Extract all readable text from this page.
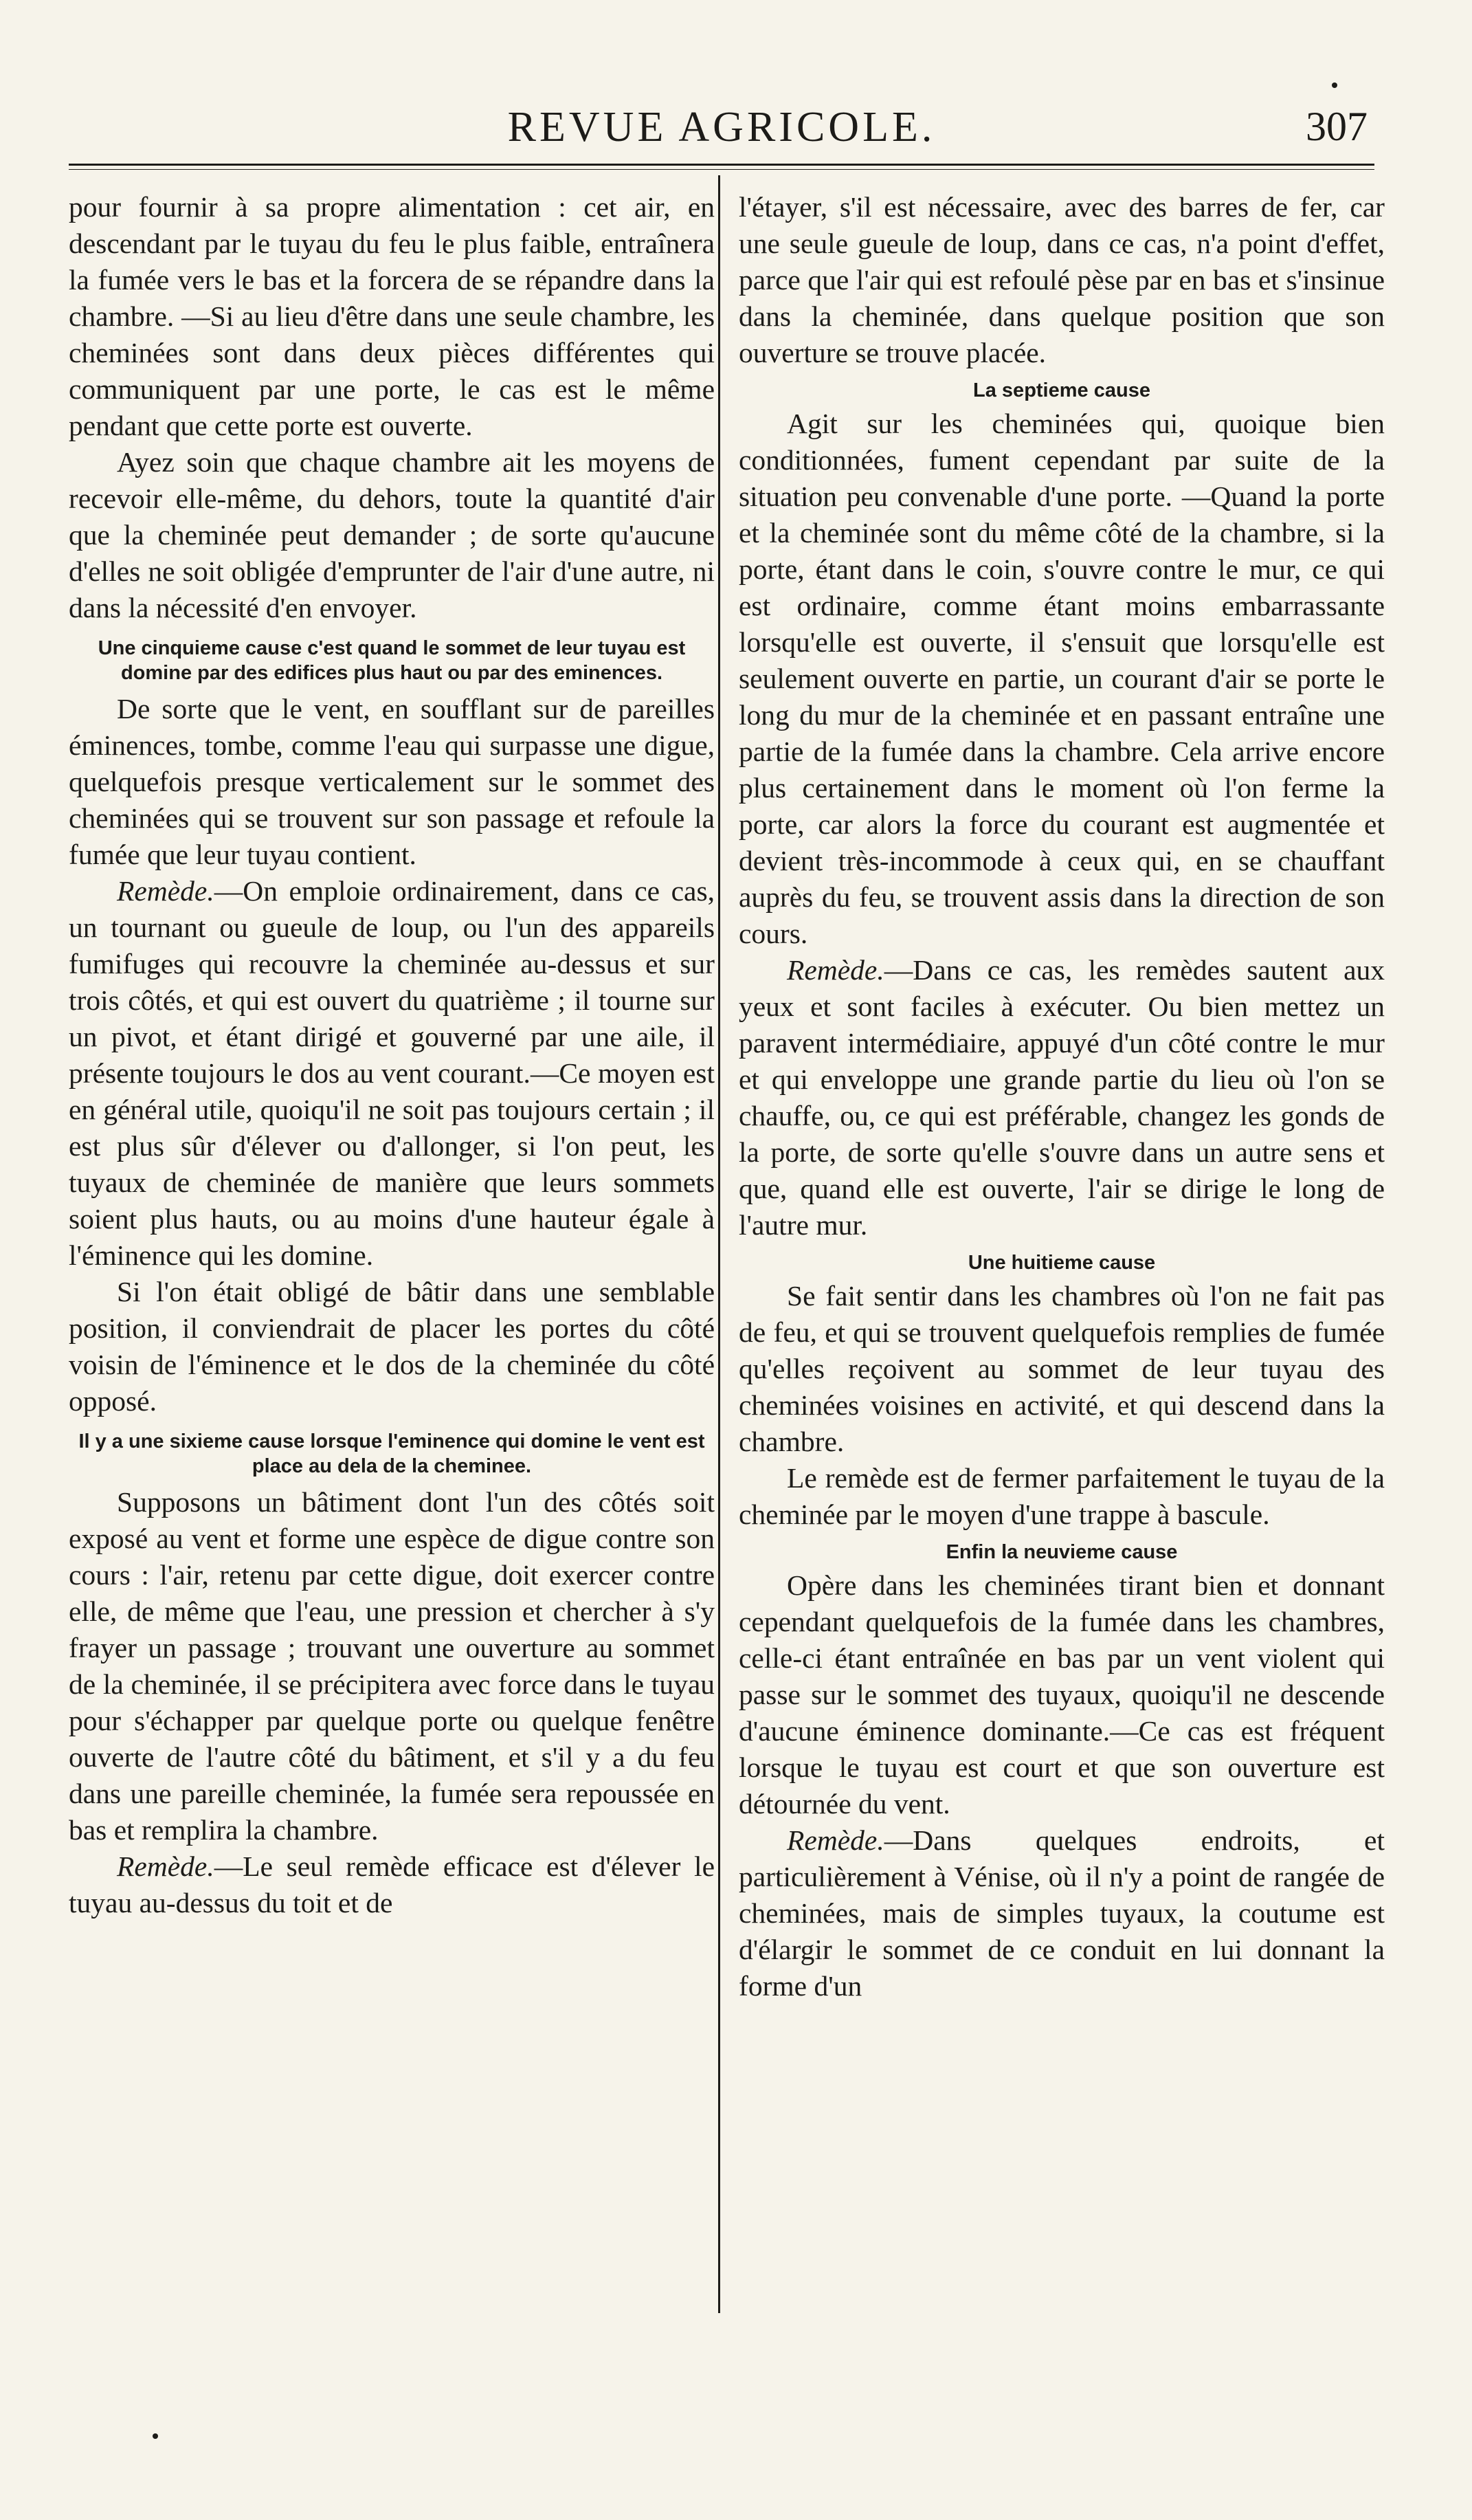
REVUE AGRICOLE.	307

pour fournir à sa propre alimentation : cet air, en descendant par le tuyau du feu le plus faible, entraînera la fumée vers le bas et la forcera de se répandre dans la chambre. —Si au lieu d'être dans une seule chambre, les cheminées sont dans deux pièces différentes qui communiquent par une porte, le cas est le même pendant que cette porte est ouverte.

Ayez soin que chaque chambre ait les moyens de recevoir elle-même, du dehors, toute la quantité d'air que la cheminée peut demander ; de sorte qu'aucune d'elles ne soit obligée d'emprunter de l'air d'une autre, ni dans la nécessité d'en envoyer.

Une cinquieme cause c'est quand le sommet de leur tuyau est domine par des edifices plus haut ou par des eminences.

De sorte que le vent, en soufflant sur de pareilles éminences, tombe, comme l'eau qui surpasse une digue, quelquefois presque verticalement sur le sommet des cheminées qui se trouvent sur son passage et refoule la fumée que leur tuyau contient.

Remède.—On emploie ordinairement, dans ce cas, un tournant ou gueule de loup, ou l'un des appareils fumifuges qui recouvre la cheminée au-dessus et sur trois côtés, et qui est ouvert du quatrième ; il tourne sur un pivot, et étant dirigé et gouverné par une aile, il présente toujours le dos au vent courant.—Ce moyen est en général utile, quoiqu'il ne soit pas toujours certain ; il est plus sûr d'élever ou d'allonger, si l'on peut, les tuyaux de cheminée de manière que leurs sommets soient plus hauts, ou au moins d'une hauteur égale à l'éminence qui les domine.

Si l'on était obligé de bâtir dans une semblable position, il conviendrait de placer les portes du côté voisin de l'éminence et le dos de la cheminée du côté opposé.

Il y a une sixieme cause lorsque l'eminence qui domine le vent est place au dela de la cheminee.

Supposons un bâtiment dont l'un des côtés soit exposé au vent et forme une espèce de digue contre son cours : l'air, retenu par cette digue, doit exercer contre elle, de même que l'eau, une pression et chercher à s'y frayer un passage ; trouvant une ouverture au sommet de la cheminée, il se précipitera avec force dans le tuyau pour s'échapper par quelque porte ou quelque fenêtre ouverte de l'autre côté du bâtiment, et s'il y a du feu dans une pareille cheminée, la fumée sera repoussée en bas et remplira la chambre.

Remède.—Le seul remède efficace est d'élever le tuyau au-dessus du toit et de

l'étayer, s'il est nécessaire, avec des barres de fer, car une seule gueule de loup, dans ce cas, n'a point d'effet, parce que l'air qui est refoulé pèse par en bas et s'insinue dans la cheminée, dans quelque position que son ouverture se trouve placée.

La septieme cause

Agit sur les cheminées qui, quoique bien conditionnées, fument cependant par suite de la situation peu convenable d'une porte. —Quand la porte et la cheminée sont du même côté de la chambre, si la porte, étant dans le coin, s'ouvre contre le mur, ce qui est ordinaire, comme étant moins embarrassante lorsqu'elle est ouverte, il s'ensuit que lorsqu'elle est seulement ouverte en partie, un courant d'air se porte le long du mur de la cheminée et en passant entraîne une partie de la fumée dans la chambre. Cela arrive encore plus certainement dans le moment où l'on ferme la porte, car alors la force du courant est augmentée et devient très-incommode à ceux qui, en se chauffant auprès du feu, se trouvent assis dans la direction de son cours.

Remède.—Dans ce cas, les remèdes sautent aux yeux et sont faciles à exécuter. Ou bien mettez un paravent intermédiaire, appuyé d'un côté contre le mur et qui enveloppe une grande partie du lieu où l'on se chauffe, ou, ce qui est préférable, changez les gonds de la porte, de sorte qu'elle s'ouvre dans un autre sens et que, quand elle est ouverte, l'air se dirige le long de l'autre mur.

Une huitieme cause

Se fait sentir dans les chambres où l'on ne fait pas de feu, et qui se trouvent quelquefois remplies de fumée qu'elles reçoivent au sommet de leur tuyau des cheminées voisines en activité, et qui descend dans la chambre.

Le remède est de fermer parfaitement le tuyau de la cheminée par le moyen d'une trappe à bascule.

Enfin la neuvieme cause

Opère dans les cheminées tirant bien et donnant cependant quelquefois de la fumée dans les chambres, celle-ci étant entraînée en bas par un vent violent qui passe sur le sommet des tuyaux, quoiqu'il ne descende d'aucune éminence dominante.—Ce cas est fréquent lorsque le tuyau est court et que son ouverture est détournée du vent.

Remède.—Dans quelques endroits, et particulièrement à Vénise, où il n'y a point de rangée de cheminées, mais de simples tuyaux, la coutume est d'élargir le sommet de ce conduit en lui donnant la forme d'un
